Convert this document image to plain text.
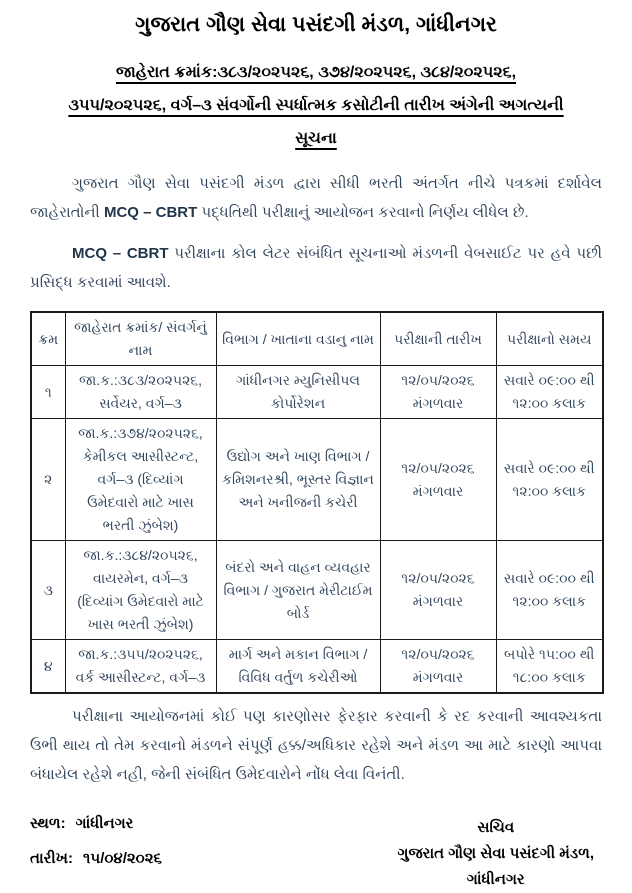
ગુજરાત ગૌણ સેવા પસંદગી મંડળ, ગાંધીનગર
જાહેરાત ક્રમાંક:૩૮૩/૨૦૨૫૨૬, ૩૭૪/૨૦૨૫૨૬, ૩૮૪/૨૦૨૫૨૬,
૩૫૫/૨૦૨૫૨૬, વર્ગ–૩ સંવર્ગોની સ્પર્ધાત્મક કસોટીની તારીખ અંગેની અગત્યની
સૂચના

ગુજરાત ગૌણ સેવા પસંદગી મંડળ દ્વારા સીધી ભરતી અંતર્ગત નીચે પત્રકમાં દર્શાવેલ જાહેરાતોની MCQ – CBRT પદ્ધતિથી પરીક્ષાનું આયોજન કરવાનો નિર્ણય લીધેલ છે.

MCQ – CBRT પરીક્ષાના કોલ લેટર સંબંધિત સૂચનાઓ મંડળની વેબસાઈટ પર હવે પછી પ્રસિદ્ધ કરવામાં આવશે.

ક્રમ	જાહેરાત ક્રમાંક/ સંવર્ગનું નામ	વિભાગ / ખાતાના વડાનુ નામ	પરીક્ષાની તારીખ	પરીક્ષાનો સમય
૧	જા.ક.:૩૮૩/૨૦૨૫૨૬, સર્વેયર, વર્ગ–૩	ગાંધીનગર મ્યુનિસીપલ કોર્પોરેશન	૧૨/૦૫/૨૦૨૬
મંગળવાર	સવારે ૦૯:૦૦ થી ૧૨:૦૦ કલાક
૨	જા.ક.:૩૭૪/૨૦૨૫૨૬, કેમીકલ આસીસ્ટન્ટ, વર્ગ–૩ (દિવ્યાંગ ઉમેદવારો માટે ખાસ ભરતી ઝુંબેશ)	ઉદ્યોગ અને ખાણ વિભાગ / કમિશનરશ્રી, ભૂસ્તર વિજ્ઞાન અને ખનીજની કચેરી	૧૨/૦૫/૨૦૨૬
મંગળવાર	સવારે ૦૯:૦૦ થી ૧૨:૦૦ કલાક
૩	જા.ક.:૩૮૪/૨૦૫૨૬, વાયરમેન, વર્ગ–૩ (દિવ્યાંગ ઉમેદવારો માટે ખાસ ભરતી ઝુંબેશ)	બંદરો અને વાહન વ્યવહાર વિભાગ / ગુજરાત મેરીટાઈમ બોર્ડ	૧૨/૦૫/૨૦૨૬
મંગળવાર	સવારે ૦૯:૦૦ થી ૧૨:૦૦ કલાક
૪	જા.ક.:૩૫૫/૨૦૨૫૨૬, વર્ક આસીસ્ટન્ટ, વર્ગ–૩	માર્ગ અને મકાન વિભાગ / વિવિધ વર્તુળ કચેરીઓ	૧૨/૦૫/૨૦૨૬
મંગળવાર	બપોરે ૧૫:૦૦ થી ૧૮:૦૦ કલાક

પરીક્ષાના આયોજનમાં કોઈ પણ કારણોસર ફેરફાર કરવાની કે રદ કરવાની આવશ્યકતા ઉભી થાય તો તેમ કરવાનો મંડળને સંપૂર્ણ હક્ક/અધિકાર રહેશે અને મંડળ આ માટે કારણો આપવા બંધાયેલ રહેશે નહી, જેની સંબંધિત ઉમેદવારોને નોંધ લેવા વિનંતી.

સ્થળ: ગાંધીનગર
તારીખ: ૧૫/૦૪/૨૦૨૬
સચિવ
ગુજરાત ગૌણ સેવા પસંદગી મંડળ,
ગાંધીનગર
